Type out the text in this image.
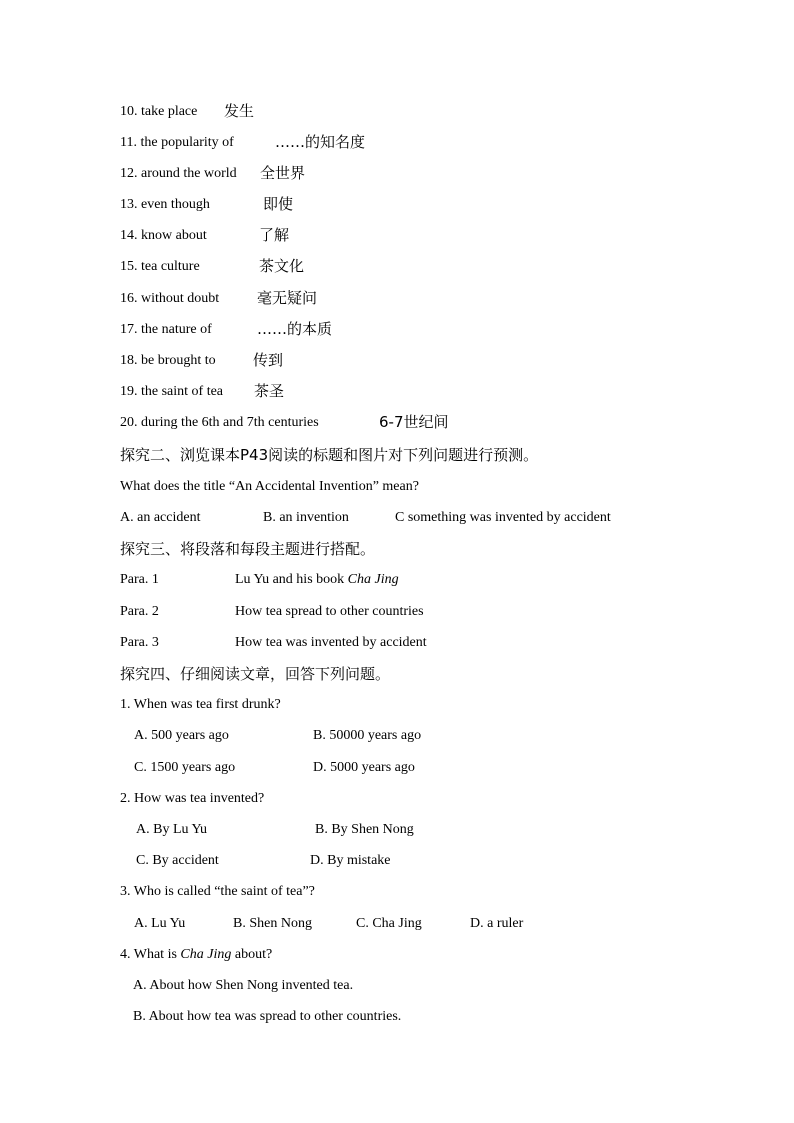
10. take place 发生
11. the popularity of	……的知名度
12. around the world 全世界
13. even though	即使
14. know about	了解
15. tea culture	茶文化
16. without doubt	毫无疑问
17. the nature of	……的本质
18. be brought to 传到
19. the saint of tea 茶圣
20. during the 6th and 7th centuries	6-7世纪间
探究二、浏览课本P43阅读的标题和图片对下列问题进行预测。
What does the title “An Accidental Invention” mean?
A. an accident	B. an invention	C something was invented by accident
探究三、将段落和每段主题进行搭配。
Para. 1	Lu Yu and his book Cha Jing
Para. 2	How tea spread to other countries
Para. 3	How tea was invented by accident
探究四、仔细阅读文章，回答下列问题。
1. When was tea first drunk?
A. 500 years ago	B. 50000 years ago
C. 1500 years ago	D. 5000 years ago
2. How was tea invented?
A. By Lu Yu	B. By Shen Nong
C. By accident	D. By mistake
3. Who is called “the saint of tea”?
A. Lu Yu	B. Shen Nong	C. Cha Jing	D. a ruler
4. What is Cha Jing about?
A. About how Shen Nong invented tea.
B. About how tea was spread to other countries.
